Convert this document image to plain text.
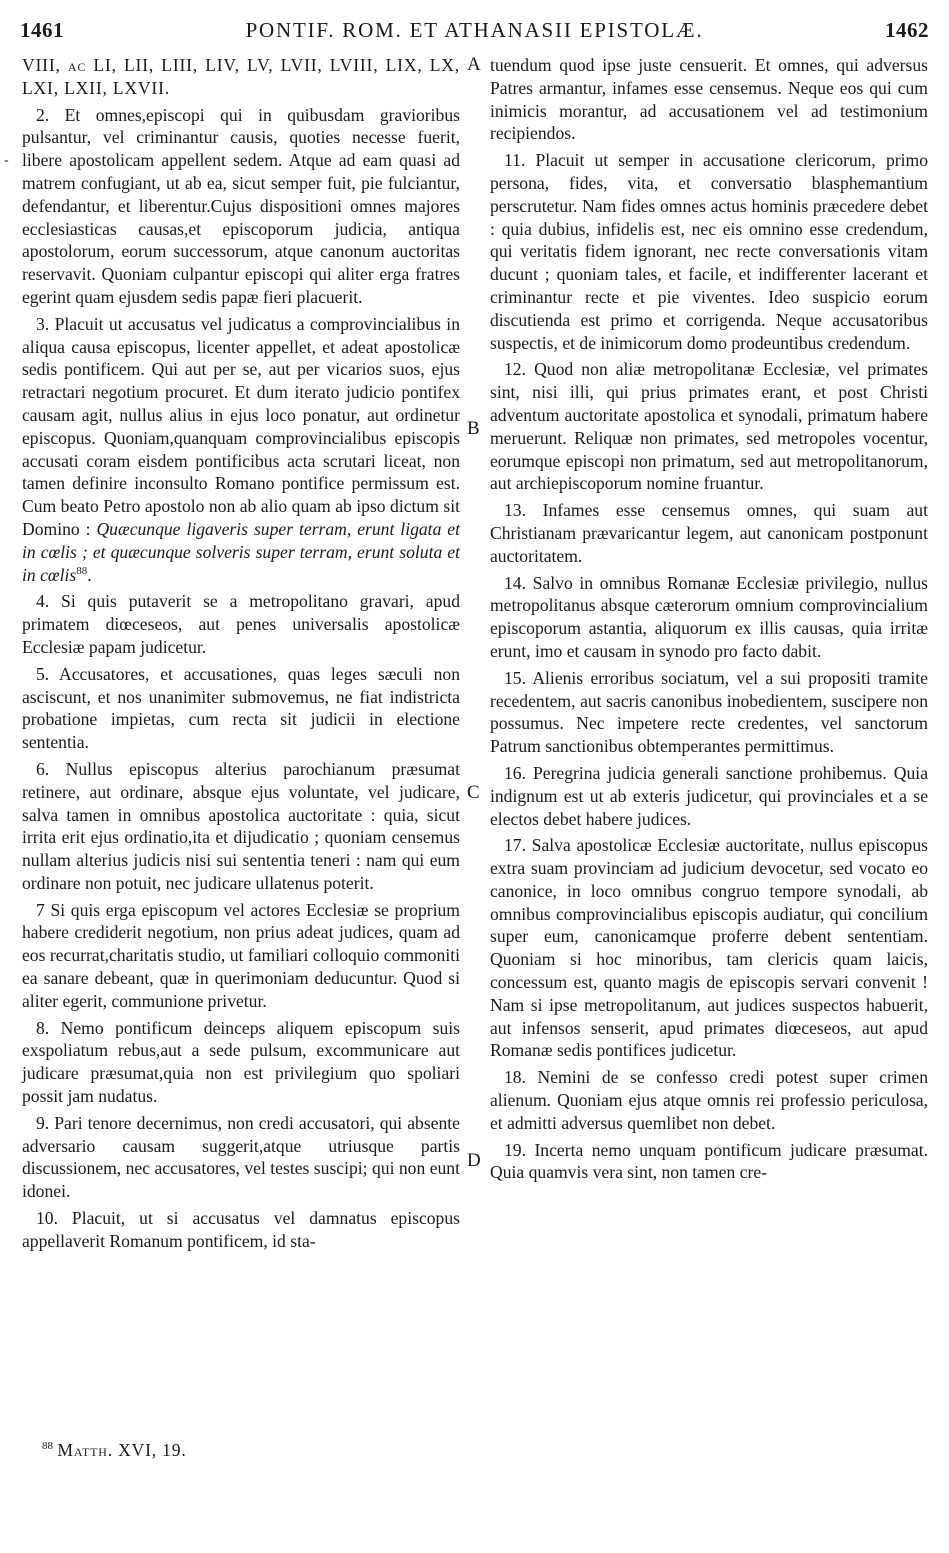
1461	PONTIF. ROM. ET ATHANASII EPISTOLÆ.	1462
-
A
B
C
D

VIII, ac LI, LII, LIII, LIV, LV, LVII, LVIII, LIX, LX, LXI, LXII, LXVII.

2. Et omnes,episcopi qui in quibusdam gravioribus pulsantur, vel criminantur causis, quoties necesse fuerit, libere apostolicam appellent sedem. Atque ad eam quasi ad matrem confugiant, ut ab ea, sicut semper fuit, pie fulciantur, defendantur, et liberentur.Cujus dispositioni omnes majores ecclesiasticas causas,et episcoporum judicia, antiqua apostolorum, eorum successorum, atque canonum auctoritas reservavit. Quoniam culpantur episcopi qui aliter erga fratres egerint quam ejusdem sedis papæ fieri placuerit.

3. Placuit ut accusatus vel judicatus a comprovincialibus in aliqua causa episcopus, licenter appellet, et adeat apostolicæ sedis pontificem. Qui aut per se, aut per vicarios suos, ejus retractari negotium procuret. Et dum iterato judicio pontifex causam agit, nullus alius in ejus loco ponatur, aut ordinetur episcopus. Quoniam,quanquam comprovincialibus episcopis accusati coram eisdem pontificibus acta scrutari liceat, non tamen definire inconsulto Romano pontifice permissum est. Cum beato Petro apostolo non ab alio quam ab ipso dictum sit Domino : Quæcunque ligaveris super terram, erunt ligata et in cœlis ; et quæcunque solveris super terram, erunt soluta et in cœlis$^{88}$.

4. Si quis putaverit se a metropolitano gravari, apud primatem diœceseos, aut penes universalis apostolicæ Ecclesiæ papam judicetur.

5. Accusatores, et accusationes, quas leges sæculi non asciscunt, et nos unanimiter submovemus, ne fiat indistricta probatione impietas, cum recta sit judicii in electione sententia.

6. Nullus episcopus alterius parochianum præsumat retinere, aut ordinare, absque ejus voluntate, vel judicare, salva tamen in omnibus apostolica auctoritate : quia, sicut irrita erit ejus ordinatio,ita et dijudicatio ; quoniam censemus nullam alterius judicis nisi sui sententia teneri : nam qui eum ordinare non potuit, nec judicare ullatenus poterit.

7 Si quis erga episcopum vel actores Ecclesiæ se proprium habere crediderit negotium, non prius adeat judices, quam ad eos recurrat,charitatis studio, ut familiari colloquio commoniti ea sanare debeant, quæ in querimoniam deducuntur. Quod si aliter egerit, communione privetur.

8. Nemo pontificum deinceps aliquem episcopum suis exspoliatum rebus,aut a sede pulsum, excommunicare aut judicare præsumat,quia non est privilegium quo spoliari possit jam nudatus.

9. Pari tenore decernimus, non credi accusatori, qui absente adversario causam suggerit,atque utriusque partis discussionem, nec accusatores, vel testes suscipi; qui non eunt idonei.

10. Placuit, ut si accusatus vel damnatus episcopus appellaverit Romanum pontificem, id sta-

tuendum quod ipse juste censuerit. Et omnes, qui adversus Patres armantur, infames esse censemus. Neque eos qui cum inimicis morantur, ad accusationem vel ad testimonium recipiendos.

11. Placuit ut semper in accusatione clericorum, primo persona, fides, vita, et conversatio blasphemantium perscrutetur. Nam fides omnes actus hominis præcedere debet : quia dubius, infidelis est, nec eis omnino esse credendum, qui veritatis fidem ignorant, nec recte conversationis vitam ducunt ; quoniam tales, et facile, et indifferenter lacerant et criminantur recte et pie viventes. Ideo suspicio eorum discutienda est primo et corrigenda. Neque accusatoribus suspectis, et de inimicorum domo prodeuntibus credendum.

12. Quod non aliæ metropolitanæ Ecclesiæ, vel primates sint, nisi illi, qui prius primates erant, et post Christi adventum auctoritate apostolica et synodali, primatum habere meruerunt. Reliquæ non primates, sed metropoles vocentur, eorumque episcopi non primatum, sed aut metropolitanorum, aut archiepiscoporum nomine fruantur.

13. Infames esse censemus omnes, qui suam aut Christianam prævaricantur legem, aut canonicam postponunt auctoritatem.

14. Salvo in omnibus Romanæ Ecclesiæ privilegio, nullus metropolitanus absque cæterorum omnium comprovincialium episcoporum astantia, aliquorum ex illis causas, quia irritæ erunt, imo et causam in synodo pro facto dabit.

15. Alienis erroribus sociatum, vel a sui propositi tramite recedentem, aut sacris canonibus inobedientem, suscipere non possumus. Nec impetere recte credentes, vel sanctorum Patrum sanctionibus obtemperantes permittimus.

16. Peregrina judicia generali sanctione prohibemus. Quia indignum est ut ab exteris judicetur, qui provinciales et a se electos debet habere judices.

17. Salva apostolicæ Ecclesiæ auctoritate, nullus episcopus extra suam provinciam ad judicium devocetur, sed vocato eo canonice, in loco omnibus congruo tempore synodali, ab omnibus comprovincialibus episcopis audiatur, qui concilium super eum, canonicamque proferre debent sententiam. Quoniam si hoc minoribus, tam clericis quam laicis, concessum est, quanto magis de episcopis servari convenit ! Nam si ipse metropolitanum, aut judices suspectos habuerit, aut infensos senserit, apud primates diœceseos, aut apud Romanæ sedis pontifices judicetur.

18. Nemini de se confesso credi potest super crimen alienum. Quoniam ejus atque omnis rei professio periculosa, et admitti adversus quemlibet non debet.

19. Incerta nemo unquam pontificum judicare præsumat. Quia quamvis vera sint, non tamen cre-

$^{88}$ Matth. XVI, 19.
